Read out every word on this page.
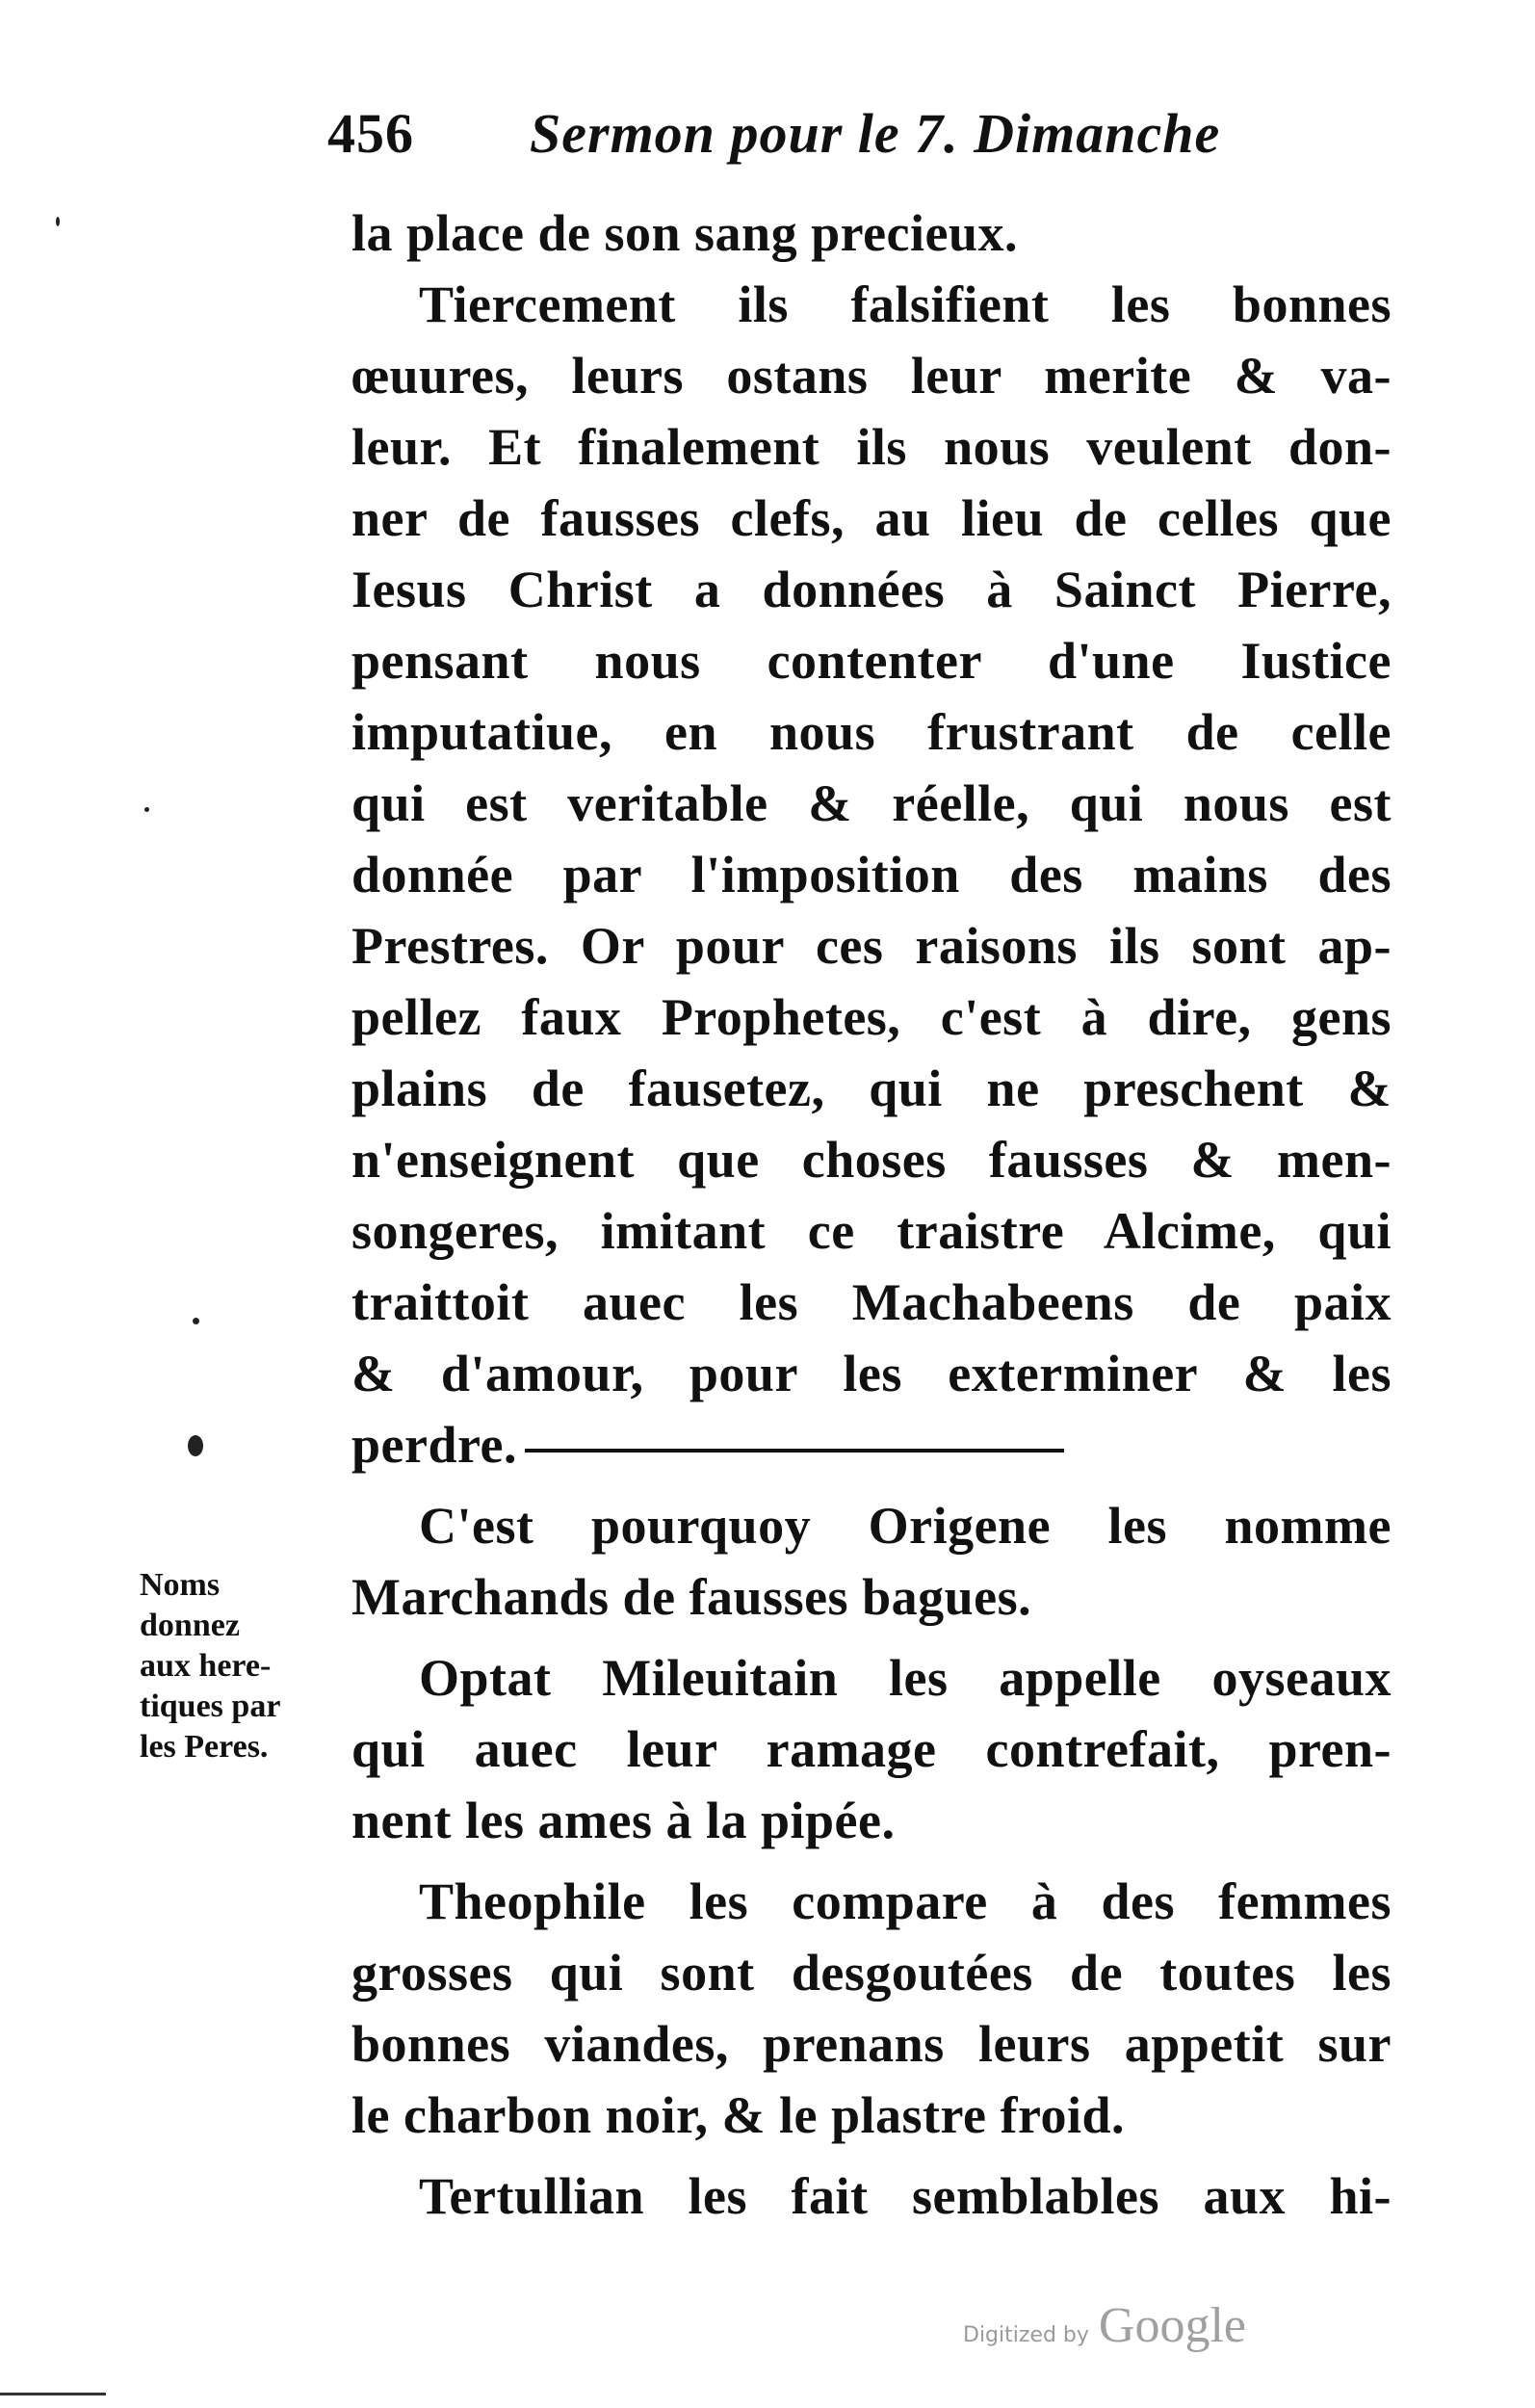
456 Sermon pour le 7. Dimanche
la place de son sang precieux.
Tiercement ils falsifient les bonnes
œuures, leurs ostans leur merite & va-
leur. Et finalement ils nous veulent don-
ner de fausses clefs, au lieu de celles que
Iesus Christ a données à Sainct Pierre,
pensant nous contenter d'une Iustice
imputatiue, en nous frustrant de celle
qui est veritable & réelle, qui nous est
donnée par l'imposition des mains des
Prestres. Or pour ces raisons ils sont ap-
pellez faux Prophetes, c'est à dire, gens
plains de fausetez, qui ne preschent &
n'enseignent que choses fausses & men-
songeres, imitant ce traistre Alcime, qui
traittoit auec les Machabeens de paix
& d'amour, pour les exterminer & les
perdre.
C'est pourquoy Origene les nomme
Marchands de fausses bagues.
Optat Mileuitain les appelle oyseaux
qui auec leur ramage contrefait, pren-
nent les ames à la pipée.
Theophile les compare à des femmes
grosses qui sont desgoutées de toutes les
bonnes viandes, prenans leurs appetit sur
le charbon noir, & le plastre froid.
Tertullian les fait semblables aux hi-
Noms
donnez
aux here-
tiques par
les Peres.
Digitized by Google
